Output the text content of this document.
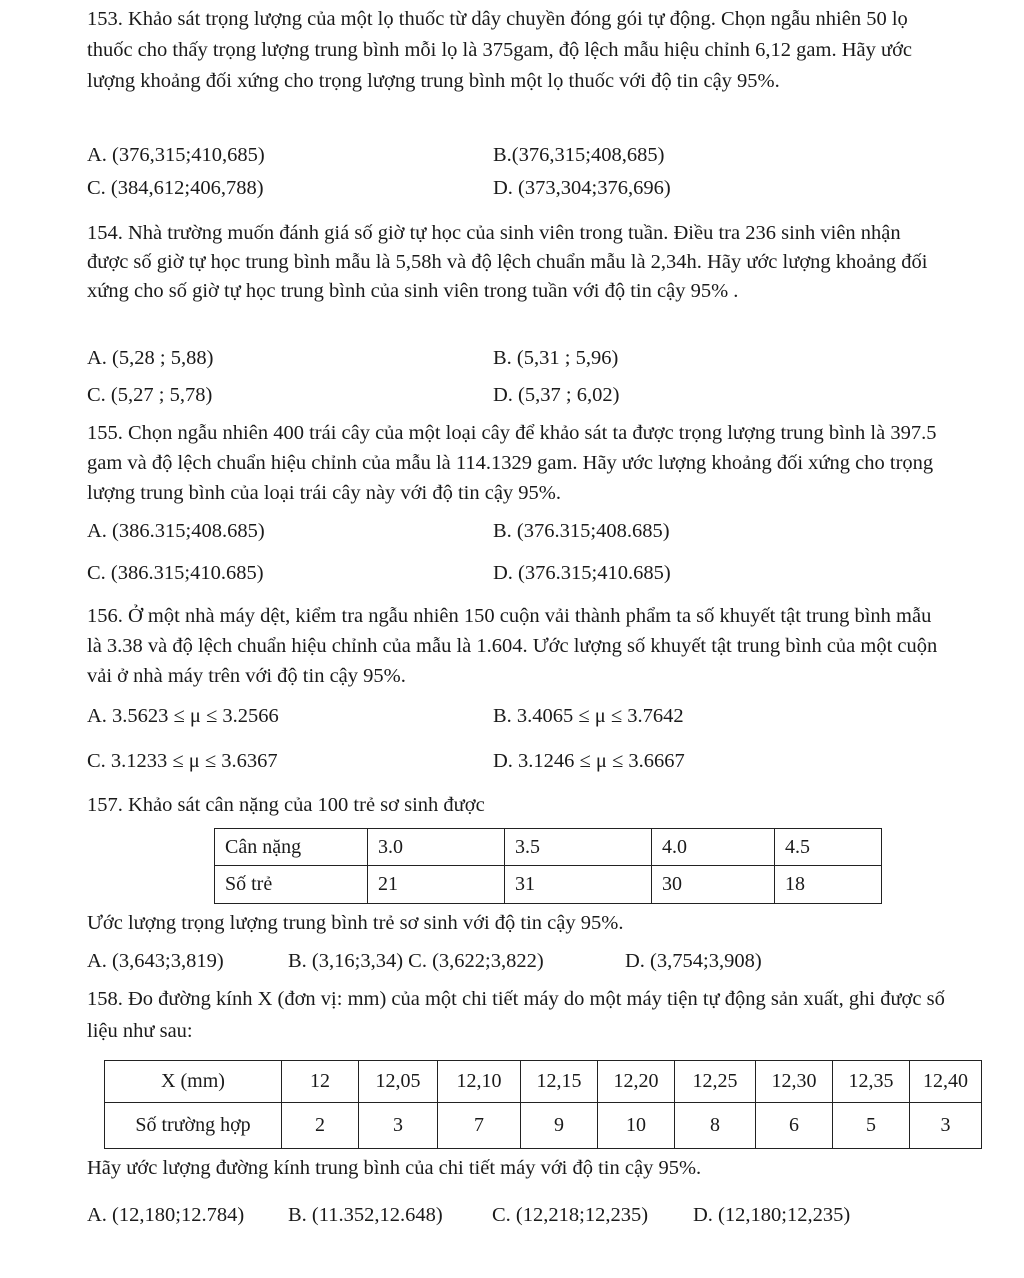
153. Khảo sát trọng lượng của một lọ thuốc từ dây chuyền đóng gói tự động. Chọn ngẫu nhiên 50 lọ thuốc cho thấy trọng lượng trung bình mỗi lọ là 375gam, độ lệch mẫu hiệu chỉnh 6,12 gam. Hãy ước lượng khoảng đối xứng cho trọng lượng trung bình một lọ thuốc với độ tin cậy 95%.
A. (376,315;410,685)	B.(376,315;408,685)
C. (384,612;406,788)	D. (373,304;376,696)
154. Nhà trường muốn đánh giá số giờ tự học của sinh viên trong tuần. Điều tra 236 sinh viên nhận được số giờ tự học trung bình mẫu là 5,58h và độ lệch chuẩn mẫu là 2,34h. Hãy ước lượng khoảng đối xứng cho số giờ tự học trung bình của sinh viên trong tuần với độ tin cậy 95% .
A. (5,28 ; 5,88)	B. (5,31 ; 5,96)
C. (5,27 ; 5,78)	D. (5,37 ; 6,02)
155. Chọn ngẫu nhiên 400 trái cây của một loại cây để khảo sát ta được trọng lượng trung bình là 397.5 gam và độ lệch chuẩn hiệu chỉnh của mẫu là 114.1329 gam. Hãy ước lượng khoảng đối xứng cho trọng lượng trung bình của loại trái cây này với độ tin cậy 95%.
A. (386.315;408.685)	B. (376.315;408.685)
C. (386.315;410.685)	D. (376.315;410.685)
156. Ở một nhà máy dệt, kiểm tra ngẫu nhiên 150 cuộn vải thành phẩm ta số khuyết tật trung bình mẫu là 3.38 và độ lệch chuẩn hiệu chỉnh của mẫu là 1.604. Ước lượng số khuyết tật trung bình của một cuộn vải ở nhà máy trên với độ tin cậy 95%.
A. 3.5623 ≤ μ ≤ 3.2566	B. 3.4065 ≤ μ ≤ 3.7642
C. 3.1233 ≤ μ ≤ 3.6367	D. 3.1246 ≤ μ ≤ 3.6667
157. Khảo sát cân nặng của 100 trẻ sơ sinh được
Cân nặng	3.0	3.5	4.0	4.5
Số trẻ	21	31	30	18
Ước lượng trọng lượng trung bình trẻ sơ sinh với độ tin cậy 95%.
A. (3,643;3,819)	B. (3,16;3,34) C. (3,622;3,822)	D. (3,754;3,908)
158. Đo đường kính X (đơn vị: mm) của một chi tiết máy do một máy tiện tự động sản xuất, ghi được số liệu như sau:
X (mm)	12	12,05	12,10	12,15	12,20	12,25	12,30	12,35	12,40
Số trường hợp	2	3	7	9	10	8	6	5	3
Hãy ước lượng đường kính trung bình của chi tiết máy với độ tin cậy 95%.
A. (12,180;12.784) B. (11.352,12.648) C. (12,218;12,235) D. (12,180;12,235)
